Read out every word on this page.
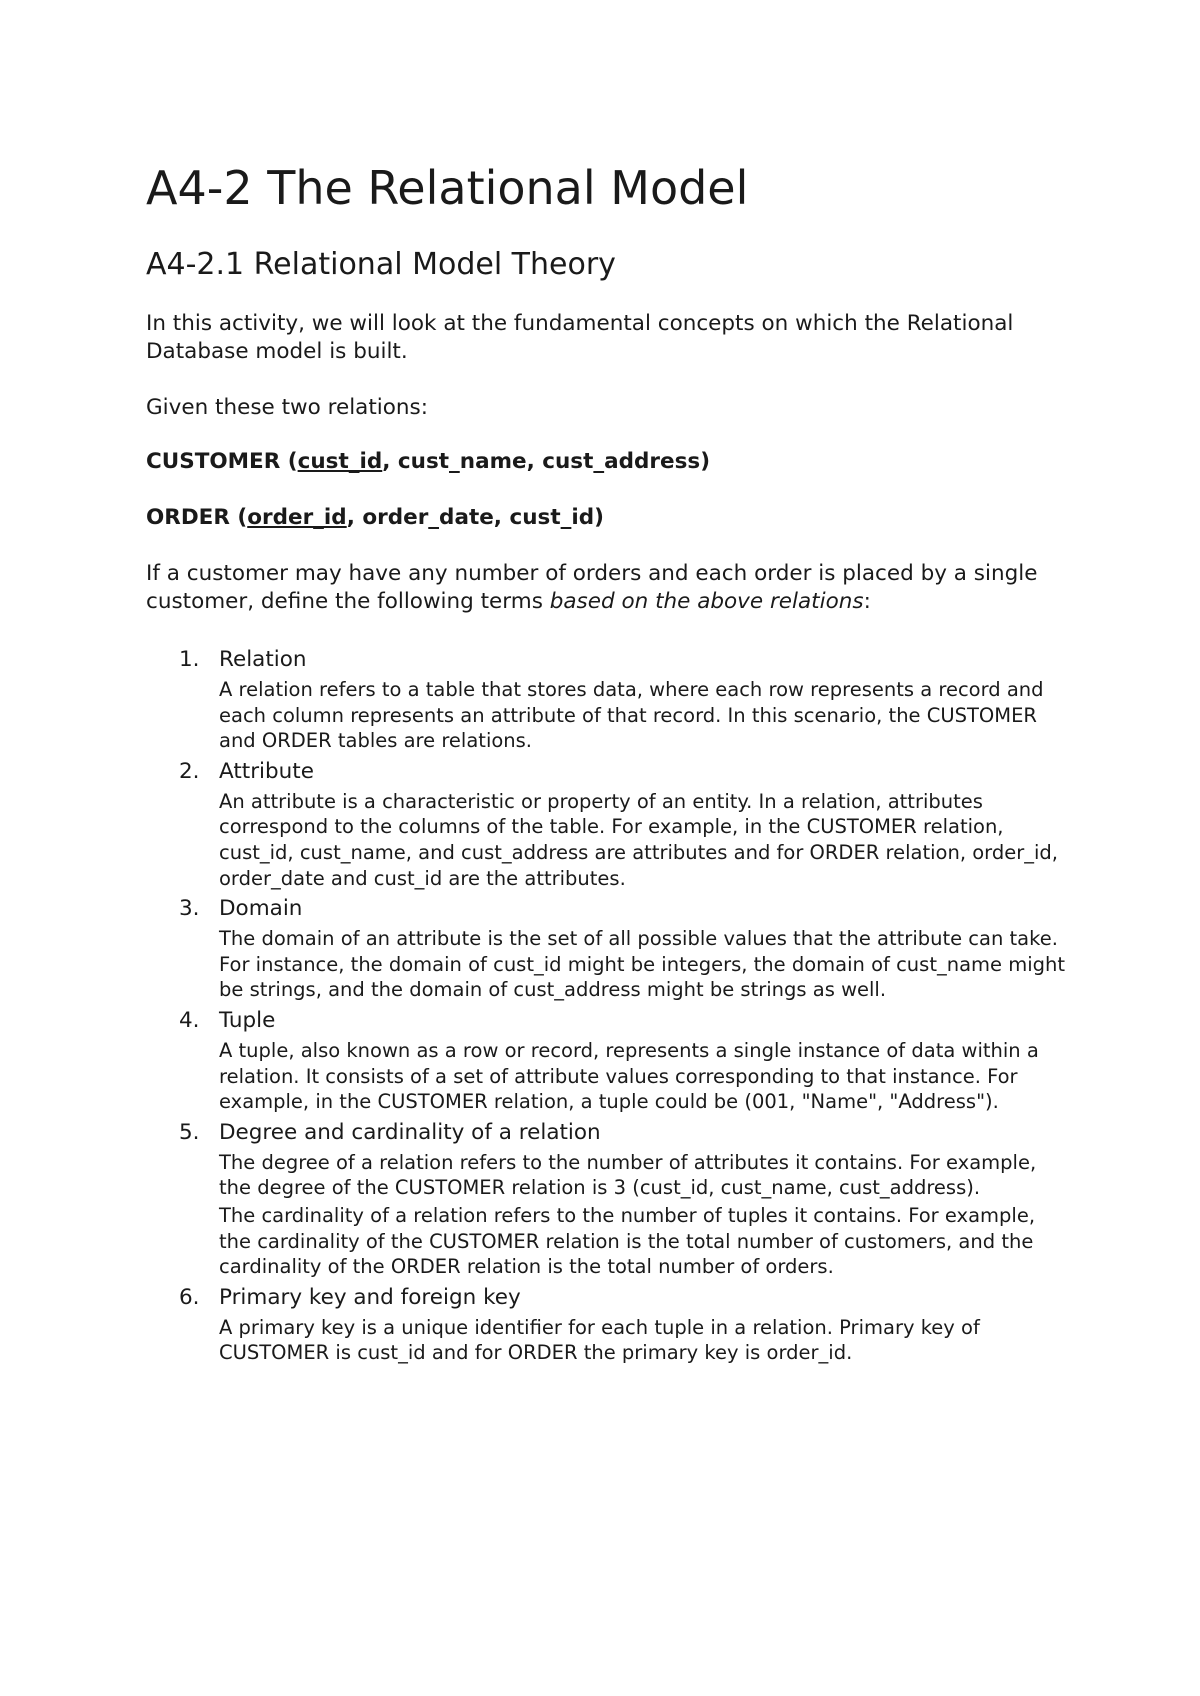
A4-2 The Relational Model
A4-2.1 Relational Model Theory

In this activity, we will look at the fundamental concepts on which the Relational Database model is built.

Given these two relations:

CUSTOMER (cust_id, cust_name, cust_address)

ORDER (order_id, order_date, cust_id)

If a customer may have any number of orders and each order is placed by a single customer, define the following terms based on the above relations:

1. Relation

A relation refers to a table that stores data, where each row represents a record and each column represents an attribute of that record. In this scenario, the CUSTOMER and ORDER tables are relations.

2. Attribute

An attribute is a characteristic or property of an entity. In a relation, attributes correspond to the columns of the table. For example, in the CUSTOMER relation, cust_id, cust_name, and cust_address are attributes and for ORDER relation, order_id, order_date and cust_id are the attributes.

3. Domain

The domain of an attribute is the set of all possible values that the attribute can take. For instance, the domain of cust_id might be integers, the domain of cust_name might be strings, and the domain of cust_address might be strings as well.

4. Tuple

A tuple, also known as a row or record, represents a single instance of data within a relation. It consists of a set of attribute values corresponding to that instance. For example, in the CUSTOMER relation, a tuple could be (001, "Name", "Address").

5. Degree and cardinality of a relation

The degree of a relation refers to the number of attributes it contains. For example, the degree of the CUSTOMER relation is 3 (cust_id, cust_name, cust_address).

The cardinality of a relation refers to the number of tuples it contains. For example, the cardinality of the CUSTOMER relation is the total number of customers, and the cardinality of the ORDER relation is the total number of orders.

6. Primary key and foreign key

A primary key is a unique identifier for each tuple in a relation. Primary key of CUSTOMER is cust_id and for ORDER the primary key is order_id.
